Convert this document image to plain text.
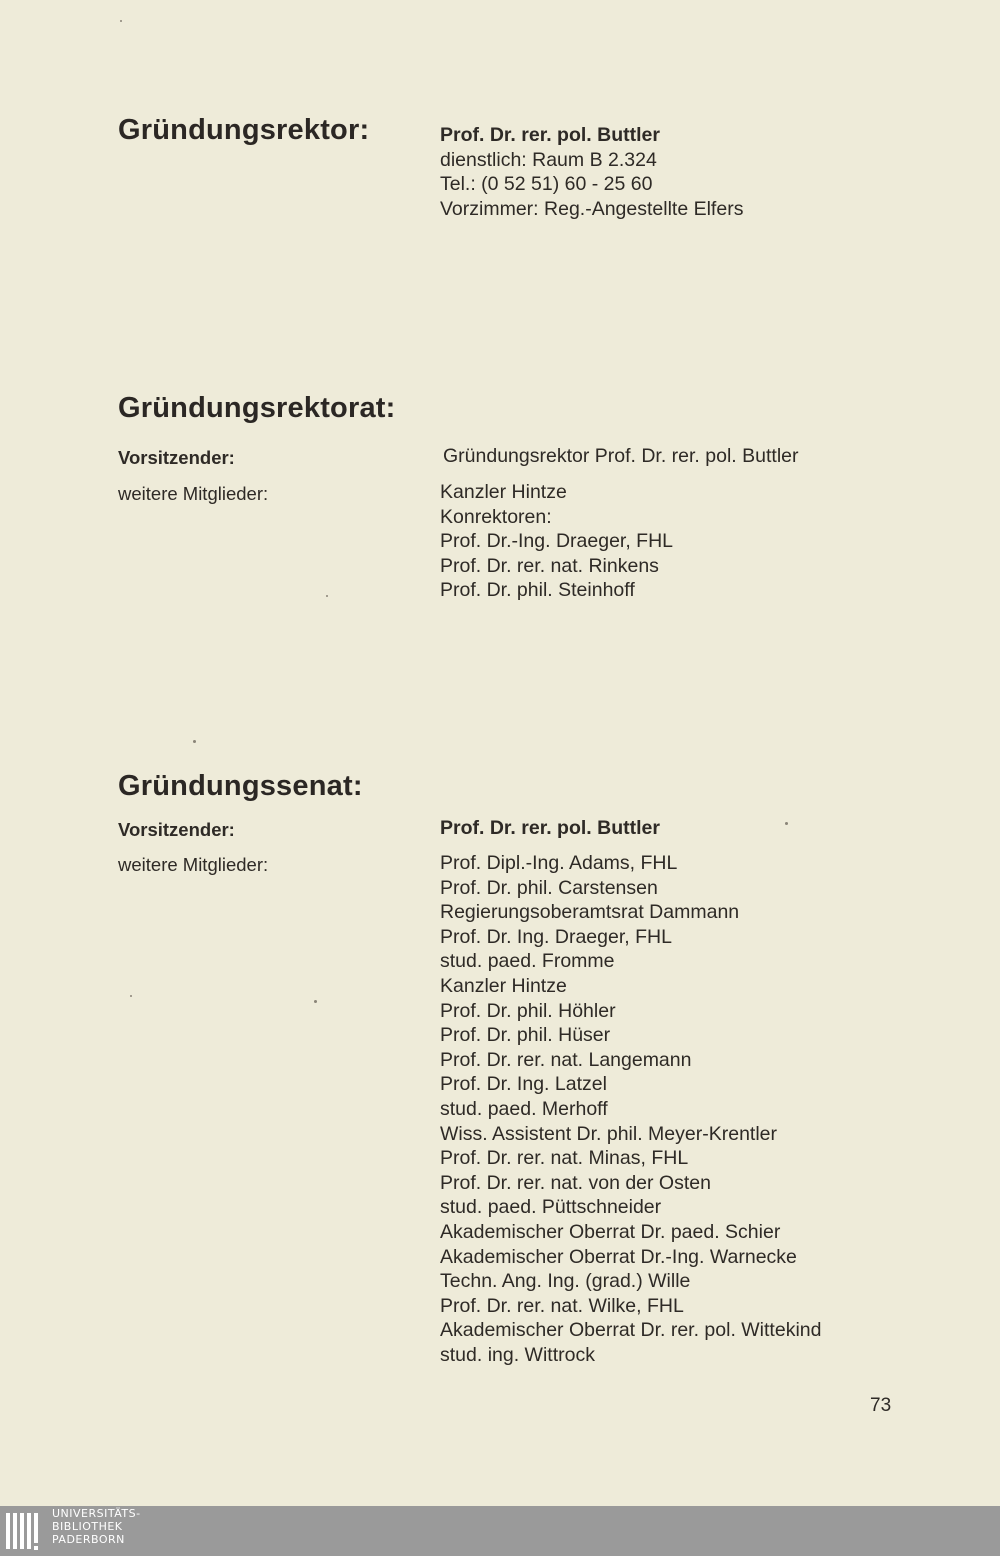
Gründungsrektor:	Prof. Dr. rer. pol. Buttler
dienstlich: Raum B 2.324
Tel.: (0 52 51) 60 - 25 60
Vorzimmer: Reg.-Angestellte Elfers
Gründungsrektorat:
Vorsitzender:	Gründungsrektor Prof. Dr. rer. pol. Buttler
weitere Mitglieder:	Kanzler Hintze
Konrektoren:
Prof. Dr.-Ing. Draeger, FHL
Prof. Dr. rer. nat. Rinkens
Prof. Dr. phil. Steinhoff
Gründungssenat:
Vorsitzender:	Prof. Dr. rer. pol. Buttler
weitere Mitglieder:	Prof. Dipl.-Ing. Adams, FHL
Prof. Dr. phil. Carstensen
Regierungsoberamtsrat Dammann
Prof. Dr. Ing. Draeger, FHL
stud. paed. Fromme
Kanzler Hintze
Prof. Dr. phil. Höhler
Prof. Dr. phil. Hüser
Prof. Dr. rer. nat. Langemann
Prof. Dr. Ing. Latzel
stud. paed. Merhoff
Wiss. Assistent Dr. phil. Meyer-Krentler
Prof. Dr. rer. nat. Minas, FHL
Prof. Dr. rer. nat. von der Osten
stud. paed. Püttschneider
Akademischer Oberrat Dr. paed. Schier
Akademischer Oberrat Dr.-Ing. Warnecke
Techn. Ang. Ing. (grad.) Wille
Prof. Dr. rer. nat. Wilke, FHL
Akademischer Oberrat Dr. rer. pol. Wittekind
stud. ing. Wittrock
73
UNIVERSITÄTS-
BIBLIOTHEK
PADERBORN
